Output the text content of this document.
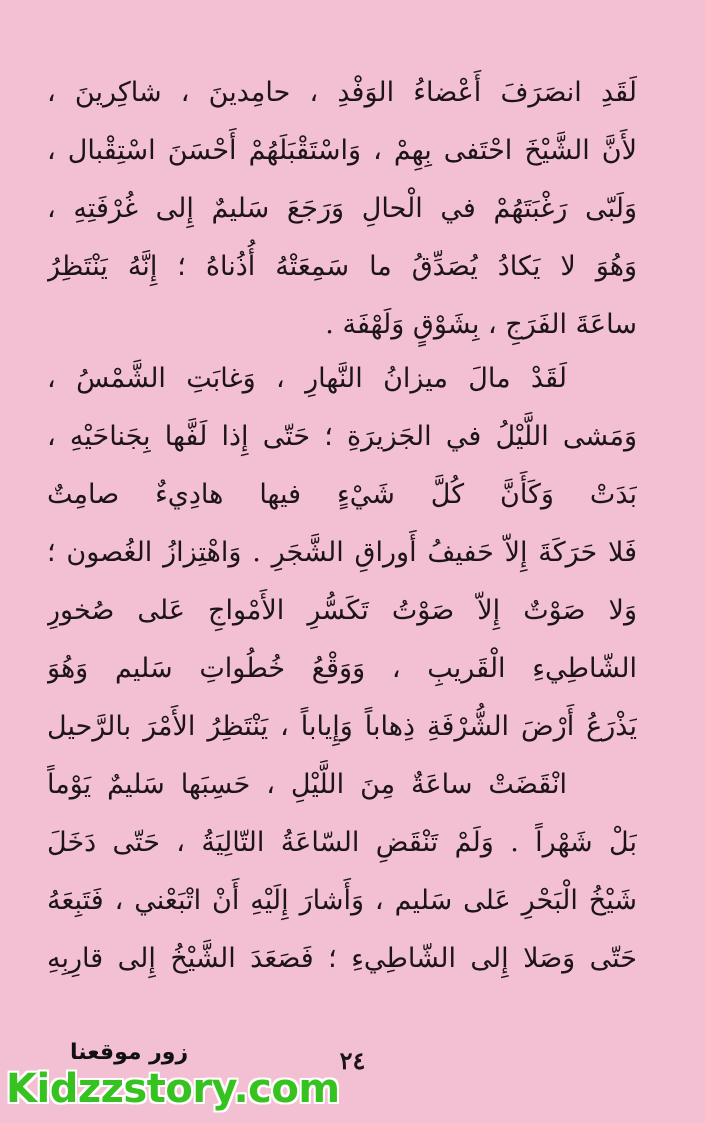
لَقَدِ انصَرَفَ أَعْضاءُ الوَفْدِ ، حامِدينَ ، شاكِرينَ ،
لأَنَّ الشَّيْخَ احْتَفى بِهِمْ ، وَاسْتَقْبَلَهُمْ أَحْسَنَ اسْتِقْبال ،
وَلَبّى رَغْبَتَهُمْ في الْحالِ وَرَجَعَ سَليمٌ إِلى غُرْفَتِهِ ،
وَهُوَ لا يَكادُ يُصَدِّقُ ما سَمِعَتْهُ أُذُناهُ ؛ إِنَّهُ يَنْتَظِرُ
ساعَةَ الفَرَجِ ، بِشَوْقٍ وَلَهْفَة .
لَقَدْ مالَ ميزانُ النَّهارِ ، وَغابَتِ الشَّمْسُ ،
وَمَشى اللَّيْلُ في الجَزيرَةِ ؛ حَتّى إِذا لَفَّها بِجَناحَيْهِ ،
بَدَتْ وَكَأَنَّ كُلَّ شَيْءٍ فيها هادِيءٌ صامِتٌ
فَلا حَرَكَةَ إِلاّ حَفيفُ أَوراقِ الشَّجَرِ . وَاهْتِزازُ الغُصون ؛
وَلا صَوْتٌ إِلاّ صَوْتُ تَكَسُّرِ الأَمْواجِ عَلى صُخورِ
الشّاطِيءِ الْقَريبِ ، وَوَقْعُ خُطُواتِ سَليم وَهُوَ
يَذْرَعُ أَرْضَ الشُّرْفَةِ ذِهاباً وَإِياباً ، يَنْتَظِرُ الأَمْرَ بالرَّحيل
انْقَضَتْ ساعَةٌ مِنَ اللَّيْلِ ، حَسِبَها سَليمٌ يَوْماً
بَلْ شَهْراً . وَلَمْ تَنْقَضِ السّاعَةُ التّالِيَةُ ، حَتّى دَخَلَ
شَيْخُ الْبَحْرِ عَلى سَليم ، وَأَشارَ إِلَيْهِ أَنْ اتْبَعْني ، فَتَبِعَهُ
حَتّى وَصَلا إِلى الشّاطِيءِ ؛ فَصَعَدَ الشَّيْخُ إِلى قارِبِهِ
٢٤
زور موقعنا
Kidzzstory.com
